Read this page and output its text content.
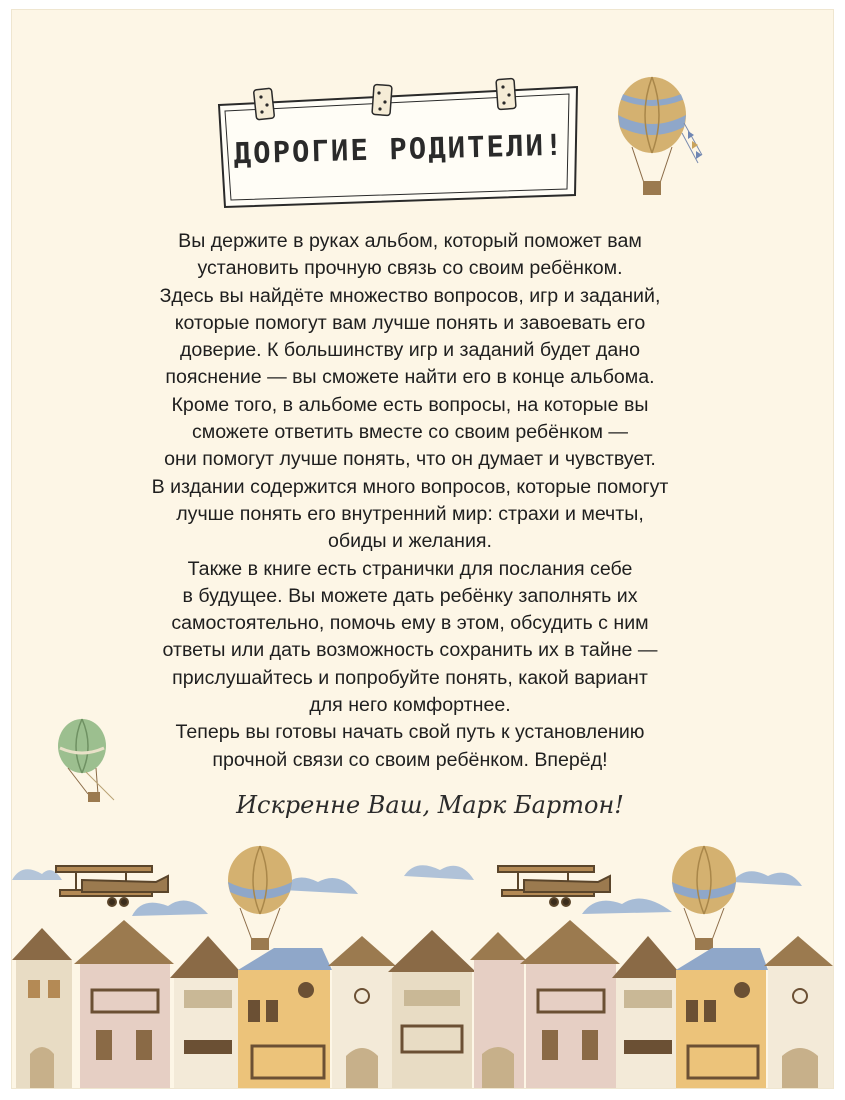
ДОРОГИЕ РОДИТЕЛИ!
Вы держите в руках альбом, который поможет вам
установить прочную связь со своим ребёнком.
Здесь вы найдёте множество вопросов, игр и заданий,
которые помогут вам лучше понять и завоевать его
доверие. К большинству игр и заданий будет дано
пояснение — вы сможете найти его в конце альбома.
Кроме того, в альбоме есть вопросы, на которые вы
сможете ответить вместе со своим ребёнком —
они помогут лучше понять, что он думает и чувствует.
В издании содержится много вопросов, которые помогут
лучше понять его внутренний мир: страхи и мечты,
обиды и желания.
Также в книге есть странички для послания себе
в будущее. Вы можете дать ребёнку заполнять их
самостоятельно, помочь ему в этом, обсудить с ним
ответы или дать возможность сохранить их в тайне —
прислушайтесь и попробуйте понять, какой вариант
для него комфортнее.
Теперь вы готовы начать свой путь к установлению
прочной связи со своим ребёнком. Вперёд!
Искренне Ваш, Марк Бартон!
